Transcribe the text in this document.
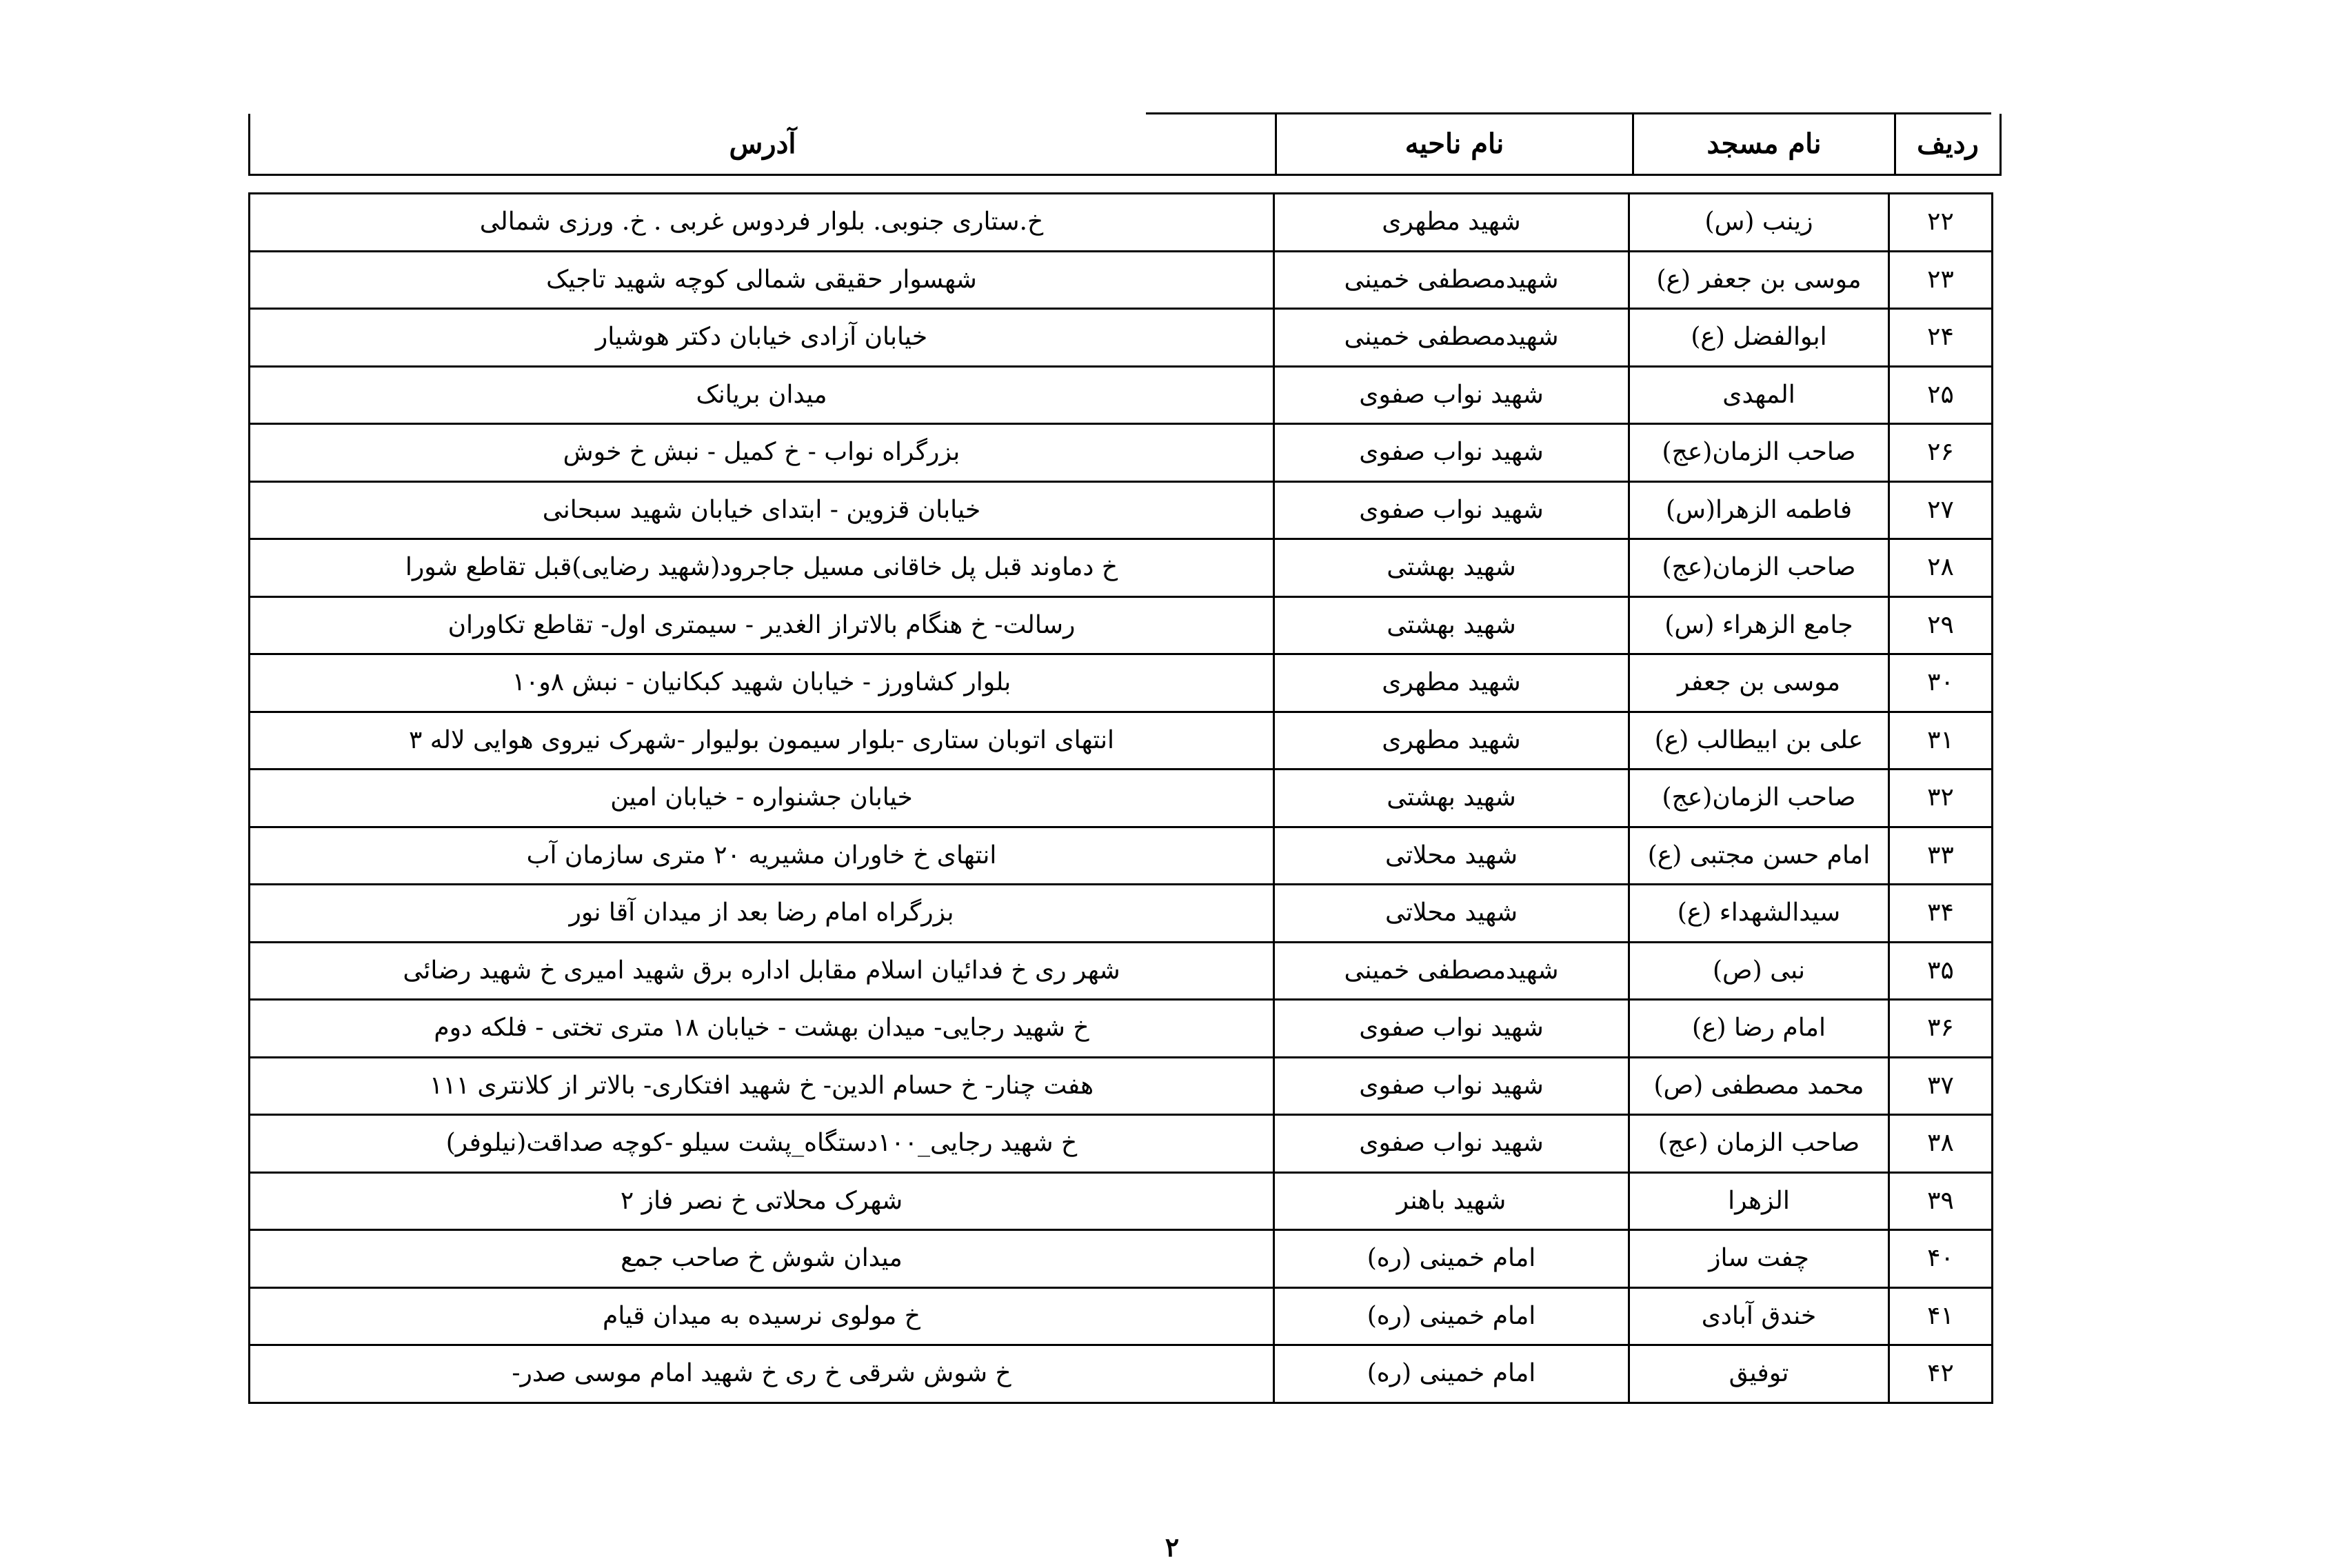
ردیف	نام مسجد	نام ناحیه	آدرس
۲۲	زینب (س)	شهید مطهری	خ.ستاری جنوبی. بلوار فردوس غربی . خ. ورزی شمالی
۲۳	موسی بن جعفر (ع)	شهیدمصطفی خمینی	شهسوار حقیقی شمالی کوچه شهید تاجیک
۲۴	ابوالفضل (ع)	شهیدمصطفی خمینی	خیابان آزادی خیابان دکتر هوشیار
۲۵	المهدی	شهید نواب صفوی	میدان بریانک
۲۶	صاحب الزمان(عج)	شهید نواب صفوی	بزرگراه نواب - خ کمیل - نبش خ خوش
۲۷	فاطمه الزهرا(س)	شهید نواب صفوی	خیابان قزوین - ابتدای خیابان شهید سبحانی
۲۸	صاحب الزمان(عج)	شهید بهشتی	خ دماوند قبل پل خاقانی مسیل جاجرود(شهید رضایی)قبل تقاطع شورا
۲۹	جامع الزهراء (س)	شهید بهشتی	رسالت- خ هنگام بالاتراز الغدیر - سیمتری اول- تقاطع تکاوران
۳۰	موسی بن جعفر	شهید مطهری	بلوار کشاورز - خیابان شهید کبکانیان - نبش ۸و۱۰
۳۱	علی بن ابیطالب (ع)	شهید مطهری	انتهای اتوبان ستاری -بلوار سیمون بولیوار -شهرک نیروی هوایی لاله ۳
۳۲	صاحب الزمان(عج)	شهید بهشتی	خیابان جشنواره - خیابان امین
۳۳	امام حسن مجتبی (ع)	شهید محلاتی	انتهای خ خاوران مشیریه ۲۰ متری سازمان آب
۳۴	سیدالشهداء (ع)	شهید محلاتی	بزرگراه امام رضا بعد از میدان آقا نور
۳۵	نبی (ص)	شهیدمصطفی خمینی	شهر ری خ فدائیان اسلام مقابل اداره برق شهید امیری خ شهید رضائی
۳۶	امام رضا (ع)	شهید نواب صفوی	خ شهید رجایی- میدان بهشت - خیابان ۱۸ متری تختی - فلکه دوم
۳۷	محمد مصطفی (ص)	شهید نواب صفوی	هفت چنار- خ حسام الدین- خ شهید افتکاری- بالاتر از کلانتری ۱۱۱
۳۸	صاحب الزمان (عج)	شهید نواب صفوی	خ شهید رجایی_۱۰۰دستگاه_پشت سیلو -کوچه صداقت(نیلوفر)
۳۹	الزهرا	شهید باهنر	شهرک محلاتی خ نصر فاز ۲
۴۰	چفت ساز	امام خمینی (ره)	میدان شوش خ صاحب جمع
۴۱	خندق آبادی	امام خمینی (ره)	خ مولوی نرسیده به میدان قیام
۴۲	توفیق	امام خمینی (ره)	خ شوش شرقی خ ری خ شهید امام موسی صدر-
۲
